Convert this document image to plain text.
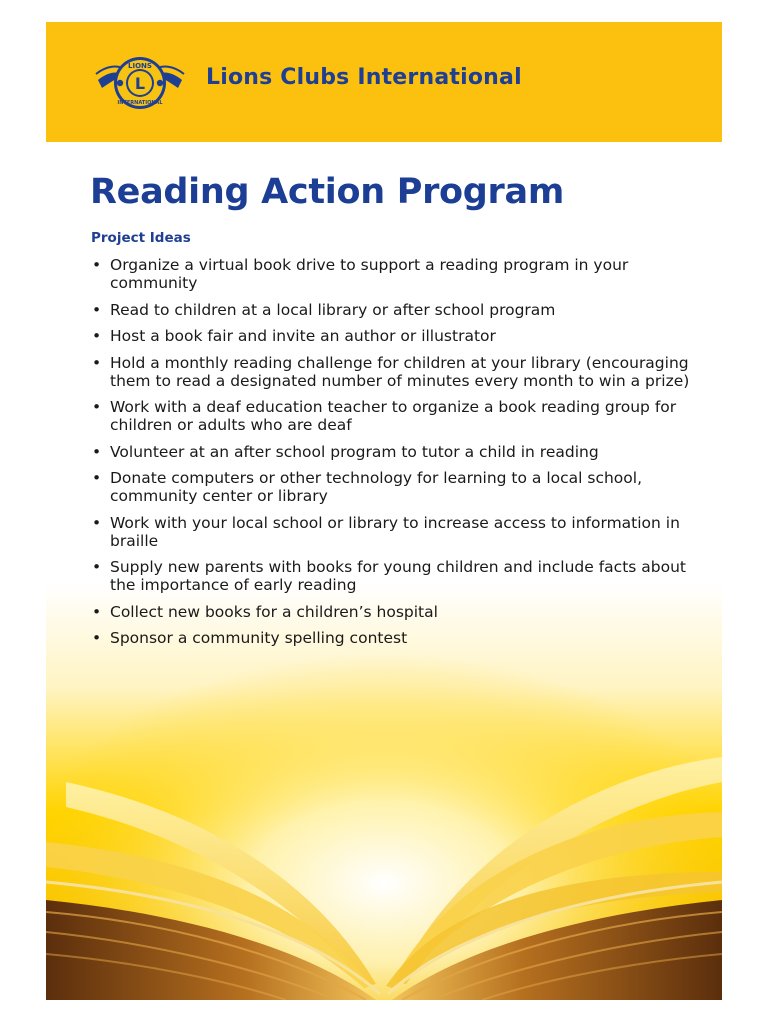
L
LIONS
INTERNATIONAL
Lions Clubs International
Reading Action Program
Project Ideas
• Organize a virtual book drive to support a reading program in your community
• Read to children at a local library or after school program
• Host a book fair and invite an author or illustrator
• Hold a monthly reading challenge for children at your library (encouraging them to read a designated number of minutes every month to win a prize)
• Work with a deaf education teacher to organize a book reading group for children or adults who are deaf
• Volunteer at an after school program to tutor a child in reading
• Donate computers or other technology for learning to a local school, community center or library
• Work with your local school or library to increase access to information in braille
• Supply new parents with books for young children and include facts about the importance of early reading
• Collect new books for a children’s hospital
• Sponsor a community spelling contest
